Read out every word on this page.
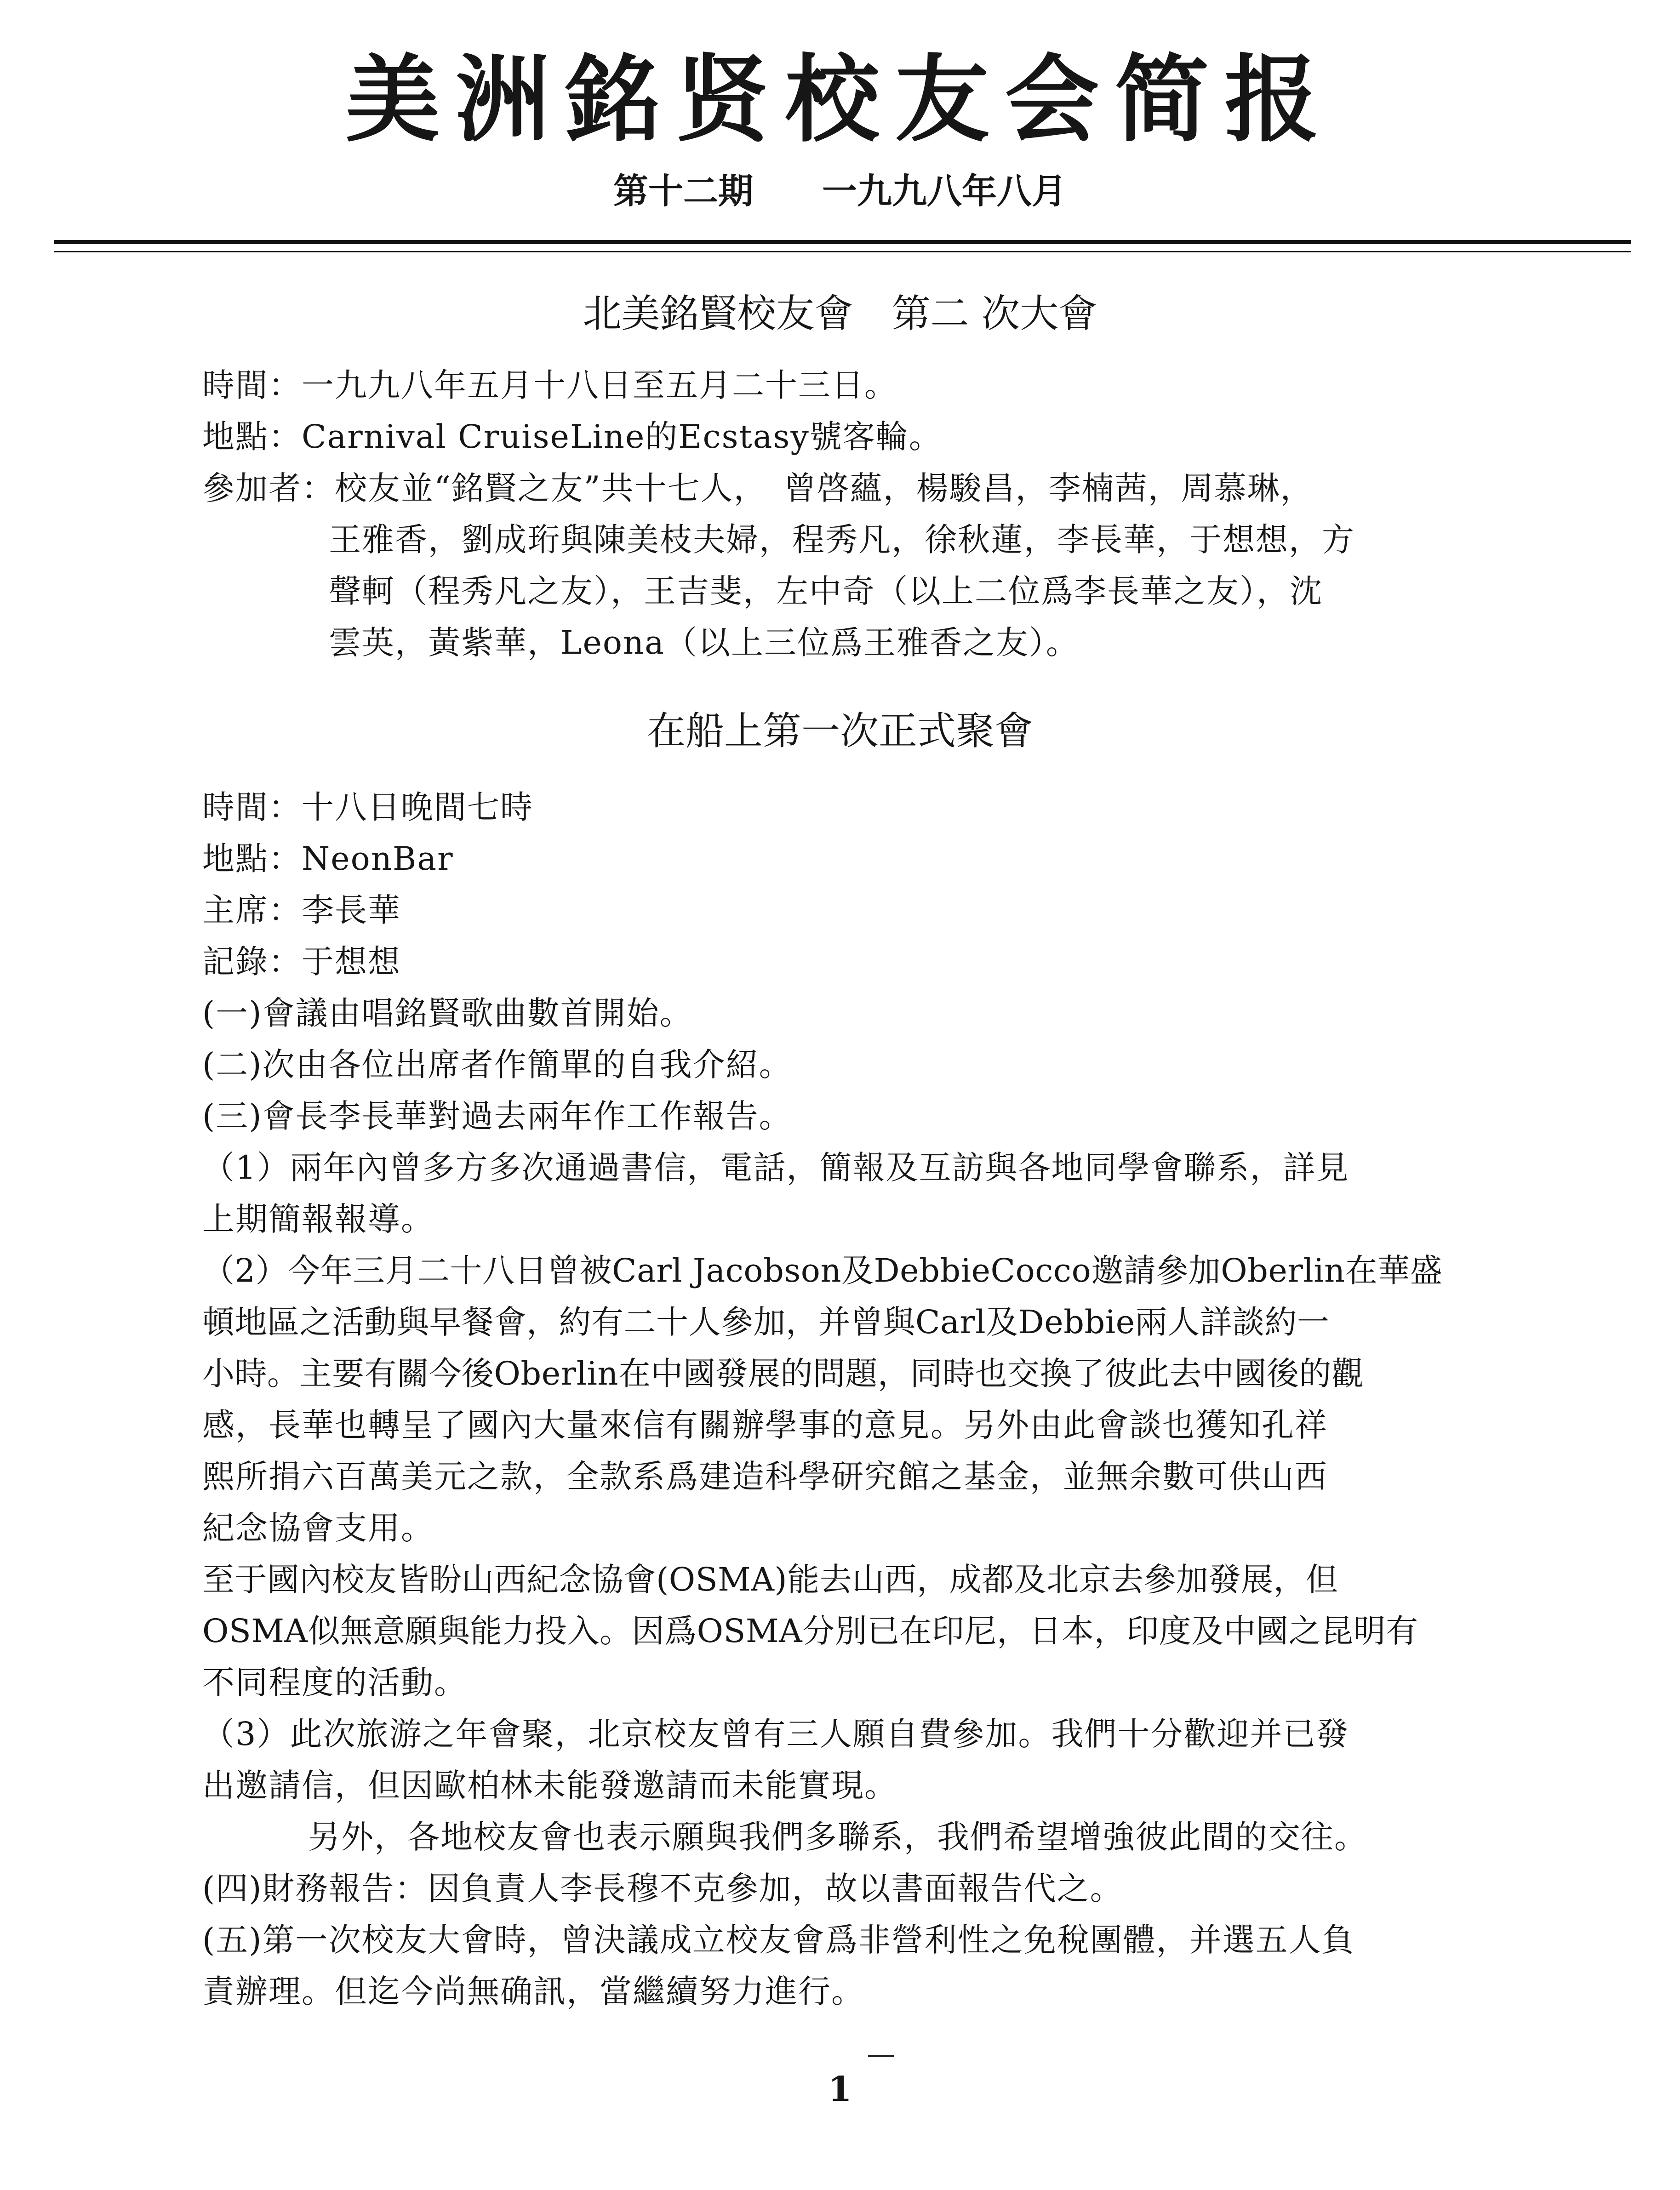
美洲銘贤校友会简报
第十二期 一九九八年八月
北美銘賢校友會　第二 次大會
時間：一九九八年五月十八日至五月二十三日。
地點：Carnival CruiseLine的Ecstasy號客輪。
參加者：校友並“銘賢之友”共十七人，　曾啓蘊，楊駿昌，李楠茜，周慕琳，
王雅香，劉成珩與陳美枝夫婦，程秀凡，徐秋蓮，李長華，于想想，方
聲軻（程秀凡之友），王吉斐，左中奇（以上二位爲李長華之友），沈
雲英，黃紫華，Leona（以上三位爲王雅香之友）。
在船上第一次正式聚會
時間：十八日晚間七時
地點：NeonBar
主席：李長華
記錄：于想想
(一)會議由唱銘賢歌曲數首開始。
(二)次由各位出席者作簡單的自我介紹。
(三)會長李長華對過去兩年作工作報告。
（1）兩年內曾多方多次通過書信，電話，簡報及互訪與各地同學會聯系，詳見
上期簡報報導。
（2）今年三月二十八日曾被Carl Jacobson及DebbieCocco邀請參加Oberlin在華盛
頓地區之活動與早餐會，約有二十人參加，并曾與Carl及Debbie兩人詳談約一
小時。主要有關今後Oberlin在中國發展的問題，同時也交換了彼此去中國後的觀
感，長華也轉呈了國內大量來信有關辦學事的意見。另外由此會談也獲知孔祥
熙所捐六百萬美元之款，全款系爲建造科學研究館之基金，並無余數可供山西
紀念協會支用。
至于國內校友皆盼山西紀念協會(OSMA)能去山西，成都及北京去參加發展，但
OSMA似無意願與能力投入。因爲OSMA分別已在印尼，日本，印度及中國之昆明有
不同程度的活動。
（3）此次旅游之年會聚，北京校友曾有三人願自費參加。我們十分歡迎并已發
出邀請信，但因歐柏林未能發邀請而未能實現。
另外，各地校友會也表示願與我們多聯系，我們希望增強彼此間的交往。
(四)財務報告：因負責人李長穆不克參加，故以書面報告代之。
(五)第一次校友大會時，曾決議成立校友會爲非營利性之免稅團體，并選五人負
責辦理。但迄今尚無确訊，當繼續努力進行。
1
